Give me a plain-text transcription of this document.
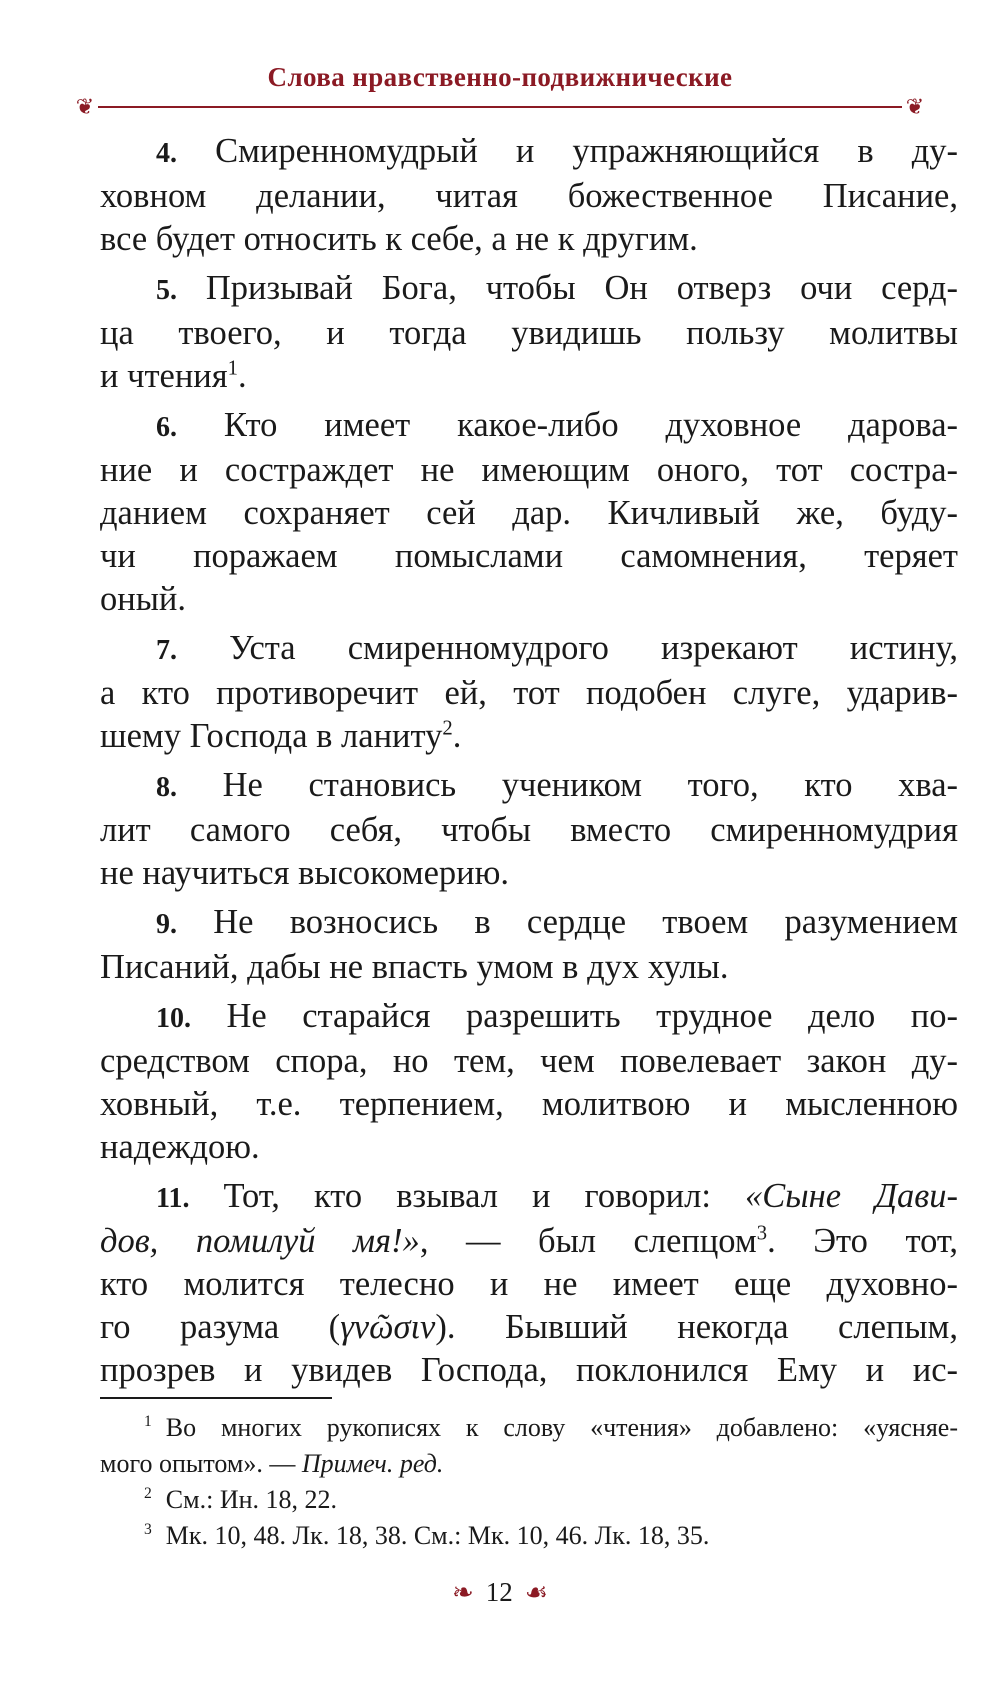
Слова нравственно-подвижнические
❦	❦
4. Смиренномудрый и упражняющийся в ду-
ховном делании, читая божественное Писание,
все будет относить к себе, а не к другим.
5. Призывай Бога, чтобы Он отверз очи серд-
ца твоего, и тогда увидишь пользу молитвы
и чтения$^1$.
6. Кто имеет какое-либо духовное дарова-
ние и состраждет не имеющим оного, тот состра-
данием сохраняет сей дар. Кичливый же, буду-
чи поражаем помыслами самомнения, теряет
оный.
7. Уста смиренномудрого изрекают истину,
а кто противоречит ей, тот подобен слуге, ударив-
шему Господа в ланиту$^2$.
8. Не становись учеником того, кто хва-
лит самого себя, чтобы вместо смиренномудрия
не научиться высокомерию.
9. Не возносись в сердце твоем разумением
Писаний, дабы не впасть умом в дух хулы.
10. Не старайся разрешить трудное дело по-
средством спора, но тем, чем повелевает закон ду-
ховный, т.е. терпением, молитвою и мысленною
надеждою.
11. Тот, кто взывал и говорил: «Сыне Дави-
дов, помилуй мя!», — был слепцом$^3$. Это тот,
кто молится телесно и не имеет еще духовно-
го разума (γνῶσιν). Бывший некогда слепым,
прозрев и увидев Господа, поклонился Ему и ис-
$^1$ Во многих рукописях к слову «чтения» добавлено: «уясняе-
мого опытом». — Примеч. ред.
$^2$ См.: Ин. 18, 22.
$^3$ Мк. 10, 48. Лк. 18, 38. См.: Мк. 10, 46. Лк. 18, 35.
❧ 12 ☙
